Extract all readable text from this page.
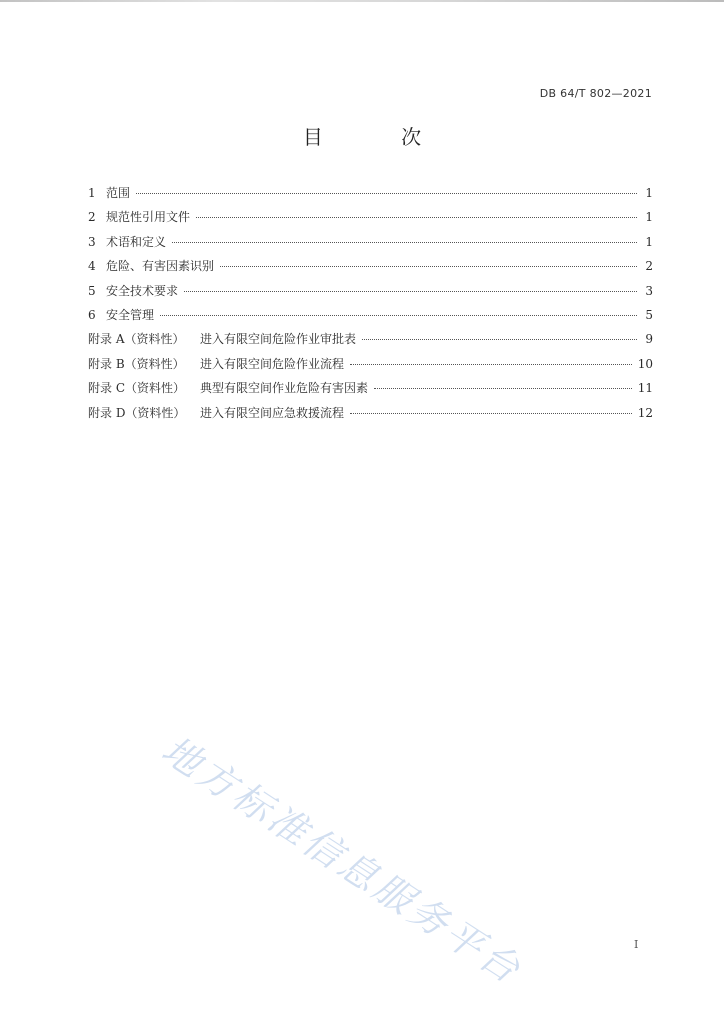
DB 64/T 802—2021
目 次
1 范围	1
2 规范性引用文件	1
3 术语和定义	1
4 危险、有害因素识别	2
5 安全技术要求	3
6 安全管理	5
附录 A（资料性）	进入有限空间危险作业审批表	9
附录 B（资料性）	进入有限空间危险作业流程	10
附录 C（资料性）	典型有限空间作业危险有害因素	11
附录 D（资料性）	进入有限空间应急救援流程	12
地方标准信息服务平台	I
